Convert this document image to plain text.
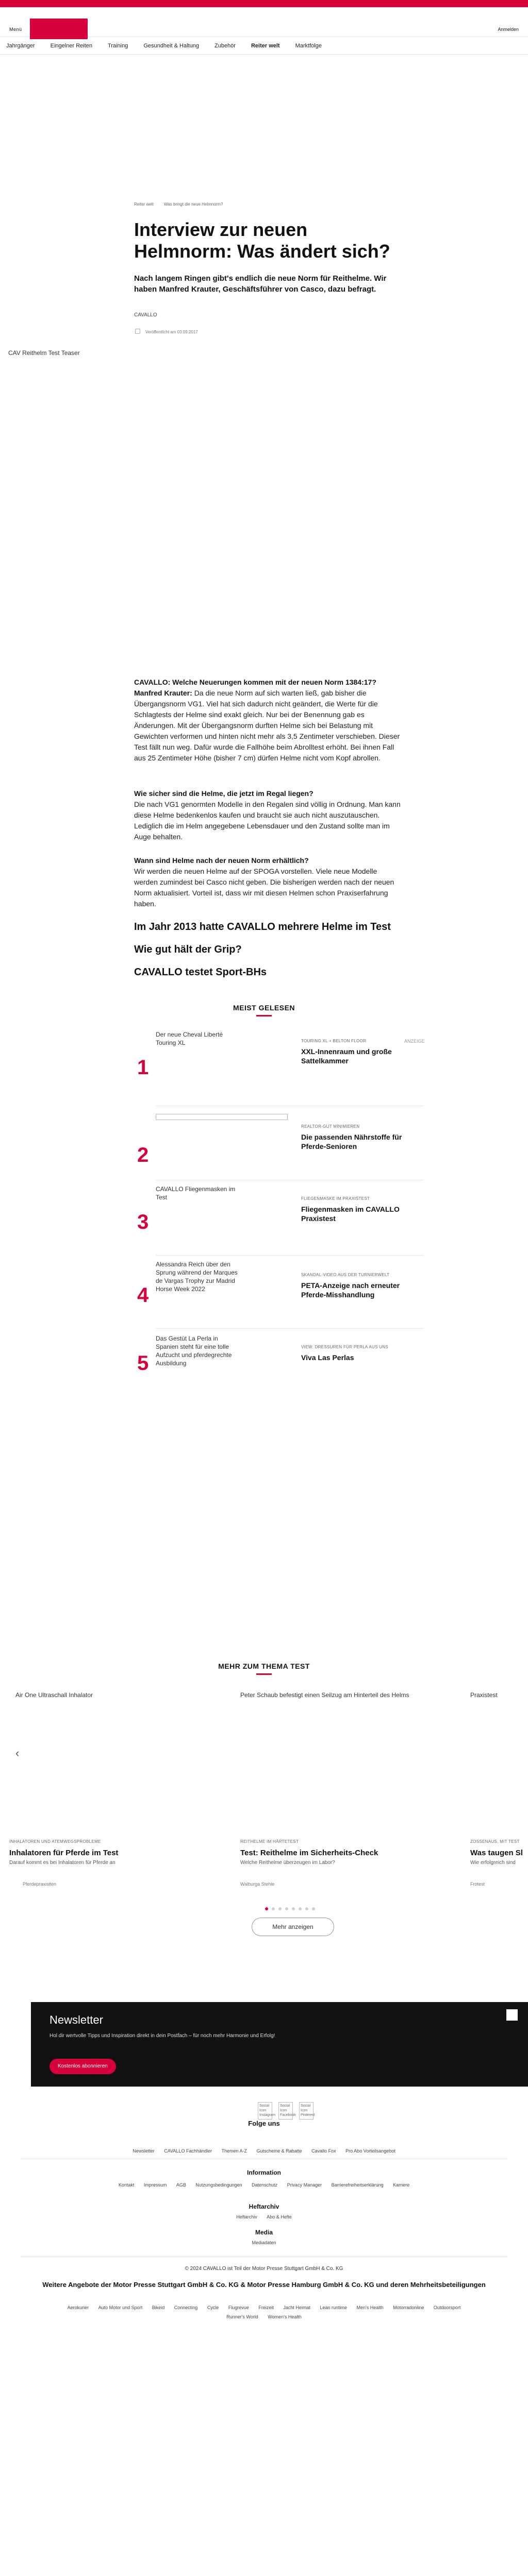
Menü	Anmelden
Jahrgänger	Eingelner Reiten	Training	Gesundheit & Haltung	Zubehör	Reiter welt	Marktfolge
Reiter welt	Was bringt die neue Helmnorm?
Interview zur neuen Helmnorm: Was ändert sich?
Nach langem Ringen gibt's endlich die neue Norm für Reithelme. Wir haben Manfred Krauter, Geschäftsführer von Casco, dazu befragt.
CAVALLO
Veröffentlicht am 03.09.2017
CAV Reithelm Test Teaser
CAVALLO: Welche Neuerungen kommen mit der neuen Norm 1384:17?
Manfred Krauter: Da die neue Norm auf sich warten ließ, gab bisher die Übergangsnorm VG1. Viel hat sich dadurch nicht geändert, die Werte für die Schlagtests der Helme sind exakt gleich. Nur bei der Benennung gab es Änderungen. Mit der Übergangsnorm durften Helme sich bei Belastung mit Gewichten verformen und hinten nicht mehr als 3,5 Zentimeter verschieben. Dieser Test fällt nun weg. Dafür wurde die Fallhöhe beim Abrolltest erhöht. Bei ihnen Fall aus 25 Zentimeter Höhe (bisher 7 cm) dürfen Helme nicht vom Kopf abrollen.
Wie sicher sind die Helme, die jetzt im Regal liegen?
Die nach VG1 genormten Modelle in den Regalen sind völlig in Ordnung. Man kann diese Helme bedenkenlos kaufen und braucht sie auch nicht auszutauschen. Lediglich die im Helm angegebene Lebensdauer und den Zustand sollte man im Auge behalten.
Wann sind Helme nach der neuen Norm erhältlich?
Wir werden die neuen Helme auf der SPOGA vorstellen. Viele neue Modelle werden zumindest bei Casco nicht geben. Die bisherigen werden nach der neuen Norm aktualisiert. Vorteil ist, dass wir mit diesen Helmen schon Praxiserfahrung haben.
Im Jahr 2013 hatte CAVALLO mehrere Helme im Test
Wie gut hält der Grip?
CAVALLO testet Sport-BHs
MEIST GELESEN
1
Der neue Cheval Liberté Touring XL	TOURING XL + BELTON FLOOR	ANZEIGE
XXL-Innenraum und große Sattelkammer
2
REALTOR-GUT MINIMIEREN
Die passenden Nährstoffe für Pferde-Senioren
CAVALLO Fliegenmasken im Test
3
FLIEGENMASKE IM PRAXISTEST
Fliegenmasken im CAVALLO Praxistest
Alessandra Reich über den Sprung während der Marques de Vargas Trophy zur Madrid Horse Week 2022
4
SKANDAL-VIDEO AUS DER TURNIERWELT
PETA-Anzeige nach erneuter Pferde-Misshandlung
Das Gestüt La Perla in Spanien steht für eine tolle Aufzucht und pferdegrechte Ausbildung
5
VIEW: DRESSUREN FÜR PERLA AUS UNS
Viva Las Perlas
MEHR ZUM THEMA TEST
Air One Ultraschall Inhalator	Peter Schaub befestigt einen Seilzug am Hinterteil des Helms	Praxistest
‹
INHALATOREN UND ATEMWEGSPROBLEME
Inhalatoren für Pferde im Test
Darauf kommt es bei Inhalatoren für Pferde an
Pferdepraxisiten
REITHELME IM HÄRTETEST
Test: Reithelme im Sicherheits-Check
Welche Reithelme überzeugen im Labor?
Walburga Stehle
ZOSSENAUS, MIT TEST
Was taugen Sl
Wie erfolgreich sind
Frotest
Mehr anzeigen
Newsletter

Hol dir wertvolle Tipps und Inspiration direkt in dein Postfach – für noch mehr Harmonie und Erfolg!

Kostenlos abonnieren
Social Icon Instagram
Social Icon Facebook
Social Icon Pinterest
Folge uns
Newsletter CAVALLO Fachhändler Themen A-Z Gutscheine & Rabatte Cavallo Fox Pro Abo Vorteilsangebot
Information
Kontakt Impressum AGB Nutzungsbedingungen Datenschutz Privacy Manager Barrierefreiheitserklärung Karriere
Heftarchiv
Heftarchiv Abo & Hefte
Media
Mediadaten
© 2024 CAVALLO ist Teil der Motor Presse Stuttgart GmbH & Co. KG
Weitere Angebote der Motor Presse Stuttgart GmbH & Co. KG & Motor Presse Hamburg GmbH & Co. KG und deren Mehrheitsbeteiligungen
Aerokurier Auto Motor und Sport Bikeid Connecting Cycle Flugrevue Freizeit Jacht Heimat Lean runtime Men's Health Motorradonline Outdoorsport
Runner's World Women's Health
